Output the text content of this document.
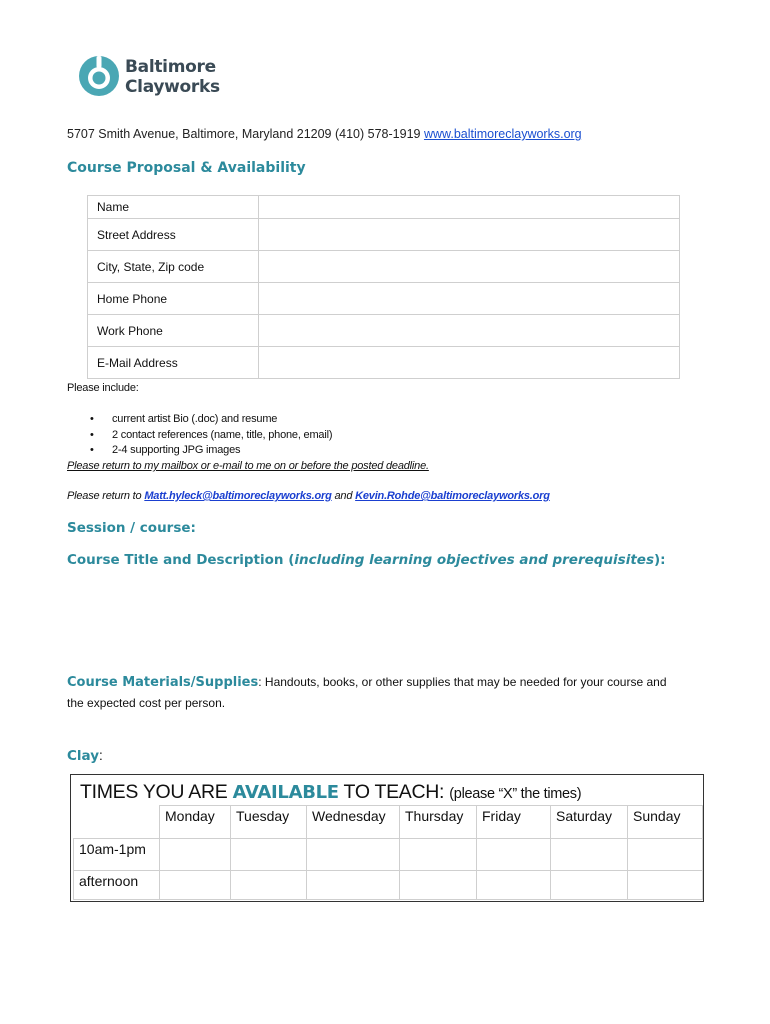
Baltimore
Clayworks
5707 Smith Avenue, Baltimore, Maryland 21209 (410) 578-1919 www.baltimoreclayworks.org
Course Proposal & Availability
Name	
Street Address	
City, State, Zip code	
Home Phone	
Work Phone	
E-Mail Address	
Please include:
• current artist Bio (.doc) and resume
• 2 contact references (name, title, phone, email)
• 2-4 supporting JPG images
Please return to my mailbox or e-mail to me on or before the posted deadline.
Please return to Matt.hyleck@baltimoreclayworks.org and Kevin.Rohde@baltimoreclayworks.org
Session / course:
Course Title and Description (including learning objectives and prerequisites):
Course Materials/Supplies: Handouts, books, or other supplies that may be needed for your course and the expected cost per person.
Clay:
TIMES YOU ARE AVAILABLE TO TEACH: (please “X” the times)
	Monday	Tuesday	Wednesday	Thursday	Friday	Saturday	Sunday
10am-1pm							
afternoon							
